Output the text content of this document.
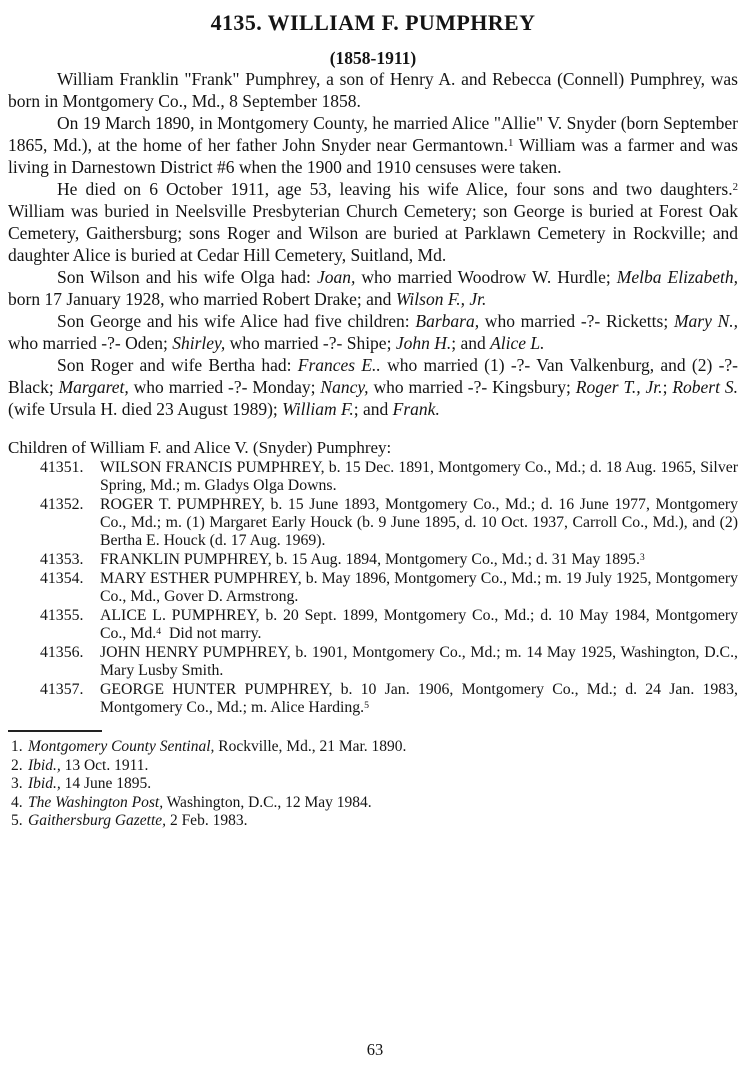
4135. WILLIAM F. PUMPHREY
(1858-1911)

William Franklin "Frank" Pumphrey, a son of Henry A. and Rebecca (Connell) Pumphrey, was born in Montgomery Co., Md., 8 September 1858.

On 19 March 1890, in Montgomery County, he married Alice "Allie" V. Snyder (born September 1865, Md.), at the home of her father John Snyder near Germantown.$^1$ William was a farmer and was living in Darnestown District #6 when the 1900 and 1910 censuses were taken.

He died on 6 October 1911, age 53, leaving his wife Alice, four sons and two daughters.$^2$ William was buried in Neelsville Presbyterian Church Cemetery; son George is buried at Forest Oak Cemetery, Gaithersburg; sons Roger and Wilson are buried at Parklawn Cemetery in Rockville; and daughter Alice is buried at Cedar Hill Cemetery, Suitland, Md.

Son Wilson and his wife Olga had: Joan, who married Woodrow W. Hurdle; Melba Elizabeth, born 17 January 1928, who married Robert Drake; and Wilson F., Jr.

Son George and his wife Alice had five children: Barbara, who married -?- Ricketts; Mary N., who married -?- Oden; Shirley, who married -?- Shipe; John H.; and Alice L.

Son Roger and wife Bertha had: Frances E.. who married (1) -?- Van Valkenburg, and (2) -?- Black; Margaret, who married -?- Monday; Nancy, who married -?- Kingsbury; Roger T., Jr.; Robert S. (wife Ursula H. died 23 August 1989); William F.; and Frank.

Children of William F. and Alice V. (Snyder) Pumphrey:
41351. WILSON FRANCIS PUMPHREY, b. 15 Dec. 1891, Montgomery Co., Md.; d. 18 Aug. 1965, Silver Spring, Md.; m. Gladys Olga Downs.
41352. ROGER T. PUMPHREY, b. 15 June 1893, Montgomery Co., Md.; d. 16 June 1977, Montgomery Co., Md.; m. (1) Margaret Early Houck (b. 9 June 1895, d. 10 Oct. 1937, Carroll Co., Md.), and (2) Bertha E. Houck (d. 17 Aug. 1969).
41353. FRANKLIN PUMPHREY, b. 15 Aug. 1894, Montgomery Co., Md.; d. 31 May 1895.$^3$
41354. MARY ESTHER PUMPHREY, b. May 1896, Montgomery Co., Md.; m. 19 July 1925, Montgomery Co., Md., Gover D. Armstrong.
41355. ALICE L. PUMPHREY, b. 20 Sept. 1899, Montgomery Co., Md.; d. 10 May 1984, Montgomery Co., Md.$^4$  Did not marry.
41356. JOHN HENRY PUMPHREY, b. 1901, Montgomery Co., Md.; m. 14 May 1925, Washington, D.C., Mary Lusby Smith.
41357. GEORGE HUNTER PUMPHREY, b. 10 Jan. 1906, Montgomery Co., Md.; d. 24 Jan. 1983, Montgomery Co., Md.; m. Alice Harding.$^5$
1. Montgomery County Sentinal, Rockville, Md., 21 Mar. 1890.
2. Ibid., 13 Oct. 1911.
3. Ibid., 14 June 1895.
4. The Washington Post, Washington, D.C., 12 May 1984.
5. Gaithersburg Gazette, 2 Feb. 1983.
63
